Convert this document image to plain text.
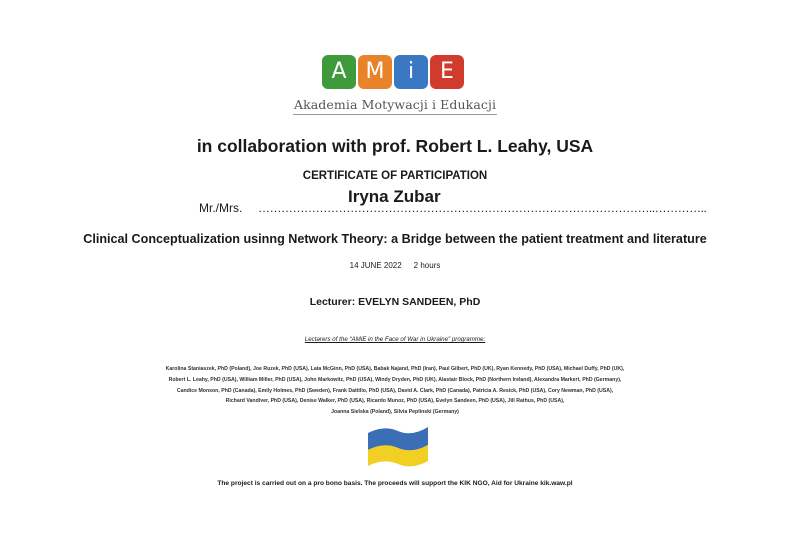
A M	i	E
Akademia Motywacji i Edukacji
in collaboration with prof. Robert L. Leahy, USA
CERTIFICATE OF PARTICIPATION
Mr./Mrs. …………………………………………………………………………………………..…………..
Iryna Zubar
Clinical Conceptualization usinng Network Theory: a Bridge between the patient treatment and literature
14 JUNE 2022 2 hours
Lecturer: EVELYN SANDEEN, PhD
Lectərers of the “AMiE in the Face of War in Ukraine” programme:
Karolina Staniaszek, PhD (Poland), Joe Ruzek, PhD (USA), Lata McGinn, PhD (USA), Babak Najand, PhD (Iran), Paul Gilbert, PhD (UK), Ryan Kennedy, PhD (USA), Michael Duffy, PhD (UK),
Robert L. Leahy, PhD (USA), William Miller, PhD (USA), John Markowitz, PhD (USA), Windy Dryden, PhD (UK), Alastair Block, PhD (Northern Ireland), Alexandra Markert, PhD (Germany),
Candice Monson, PhD (Canada), Emily Holmes, PhD (Sweden), Frank Dattilio, PhD (USA), David A. Clark, PhD (Canada), Patricia A. Resick, PhD (USA), Cory Newman, PhD (USA),
Richard Vandiver, PhD (USA), Denise Walker, PhD (USA), Ricardo Munoz, PhD (USA), Evelyn Sandeen, PhD (USA), Jill Rathus, PhD (USA),
Joanna Sielska (Poland), Silvia Peplinski (Germany)
The project is carried out on a pro bono basis. The proceeds will support the KIK NGO, Aid for Ukraine kik.waw.pl
